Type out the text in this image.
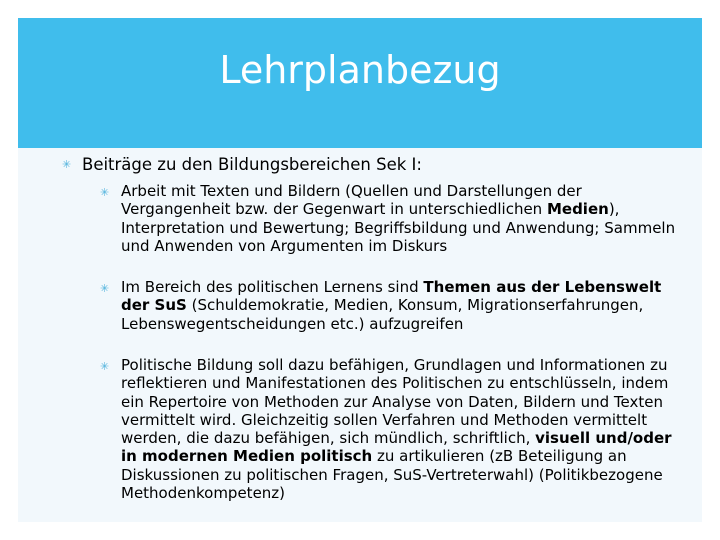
Lehrplanbezug
✳ Beiträge zu den Bildungsbereichen Sek I:
✳ Arbeit mit Texten und Bildern (Quellen und Darstellungen der Vergangenheit bzw. der Gegenwart in unterschiedlichen Medien), Interpretation und Bewertung; Begriffsbildung und Anwendung; Sammeln und Anwenden von Argumenten im Diskurs
✳ Im Bereich des politischen Lernens sind Themen aus der Lebenswelt der SuS (Schuldemokratie, Medien, Konsum, Migrationserfahrungen, Lebenswegentscheidungen etc.) aufzugreifen
✳ Politische Bildung soll dazu befähigen, Grundlagen und Informationen zu reflektieren und Manifestationen des Politischen zu entschlüsseln, indem ein Repertoire von Methoden zur Analyse von Daten, Bildern und Texten vermittelt wird. Gleichzeitig sollen Verfahren und Methoden vermittelt werden, die dazu befähigen, sich mündlich, schriftlich, visuell und/oder in modernen Medien politisch zu artikulieren (zB Beteiligung an Diskussionen zu politischen Fragen, SuS-Vertreterwahl) (Politikbezogene Methodenkompetenz)
